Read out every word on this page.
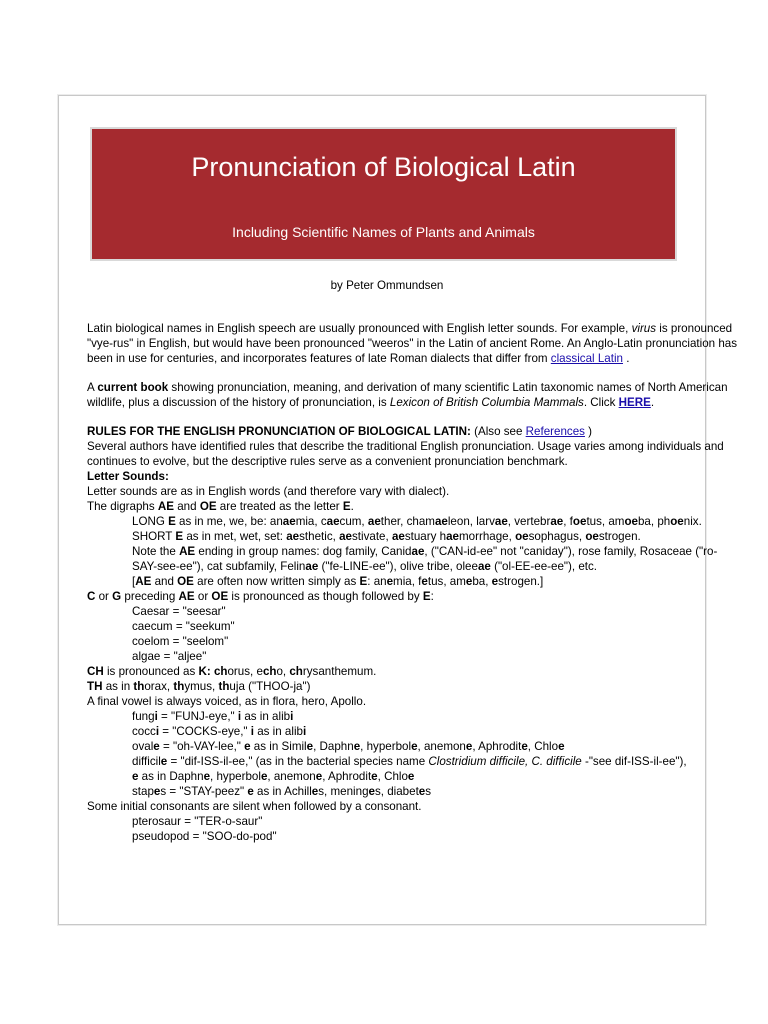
Pronunciation of Biological Latin
Including Scientific Names of Plants and Animals
by Peter Ommundsen

Latin biological names in English speech are usually pronounced with English letter sounds. For example, virus is pronounced "vye-rus" in English, but would have been pronounced "weeros" in the Latin of ancient Rome. An Anglo-Latin pronunciation has been in use for centuries, and incorporates features of late Roman dialects that differ from classical Latin .

A current book showing pronunciation, meaning, and derivation of many scientific Latin taxonomic names of North American wildlife, plus a discussion of the history of pronunciation, is Lexicon of British Columbia Mammals. Click HERE.

RULES FOR THE ENGLISH PRONUNCIATION OF BIOLOGICAL LATIN: (Also see References )
Several authors have identified rules that describe the traditional English pronunciation. Usage varies among individuals and continues to evolve, but the descriptive rules serve as a convenient pronunciation benchmark.
Letter Sounds:
Letter sounds are as in English words (and therefore vary with dialect).
The digraphs AE and OE are treated as the letter E.
LONG E as in me, we, be: anaemia, caecum, aether, chamaeleon, larvae, vertebrae, foetus, amoeba, phoenix.
SHORT E as in met, wet, set: aesthetic, aestivate, aestuary haemorrhage, oesophagus, oestrogen.
Note the AE ending in group names: dog family, Canidae, ("CAN-id-ee" not "caniday"), rose family, Rosaceae ("ro-SAY-see-ee"), cat subfamily, Felinae ("fe-LINE-ee"), olive tribe, oleeae ("ol-EE-ee-ee"), etc.
[AE and OE are often now written simply as E: anemia, fetus, ameba, estrogen.]
C or G preceding AE or OE is pronounced as though followed by E:
Caesar = "seesar"
caecum = "seekum"
coelom = "seelom"
algae = "aljee"
CH is pronounced as K: chorus, echo, chrysanthemum.
TH as in thorax, thymus, thuja ("THOO-ja")
A final vowel is always voiced, as in flora, hero, Apollo.
fungi = "FUNJ-eye," i as in alibi
cocci = "COCKS-eye," i as in alibi
ovale = "oh-VAY-lee," e as in Simile, Daphne, hyperbole, anemone, Aphrodite, Chloe
difficile = "dif-ISS-il-ee," (as in the bacterial species name Clostridium difficile, C. difficile -"see dif-ISS-il-ee"),
e as in Daphne, hyperbole, anemone, Aphrodite, Chloe
stapes = "STAY-peez" e as in Achilles, meninges, diabetes
Some initial consonants are silent when followed by a consonant.
pterosaur = "TER-o-saur"
pseudopod = "SOO-do-pod"
